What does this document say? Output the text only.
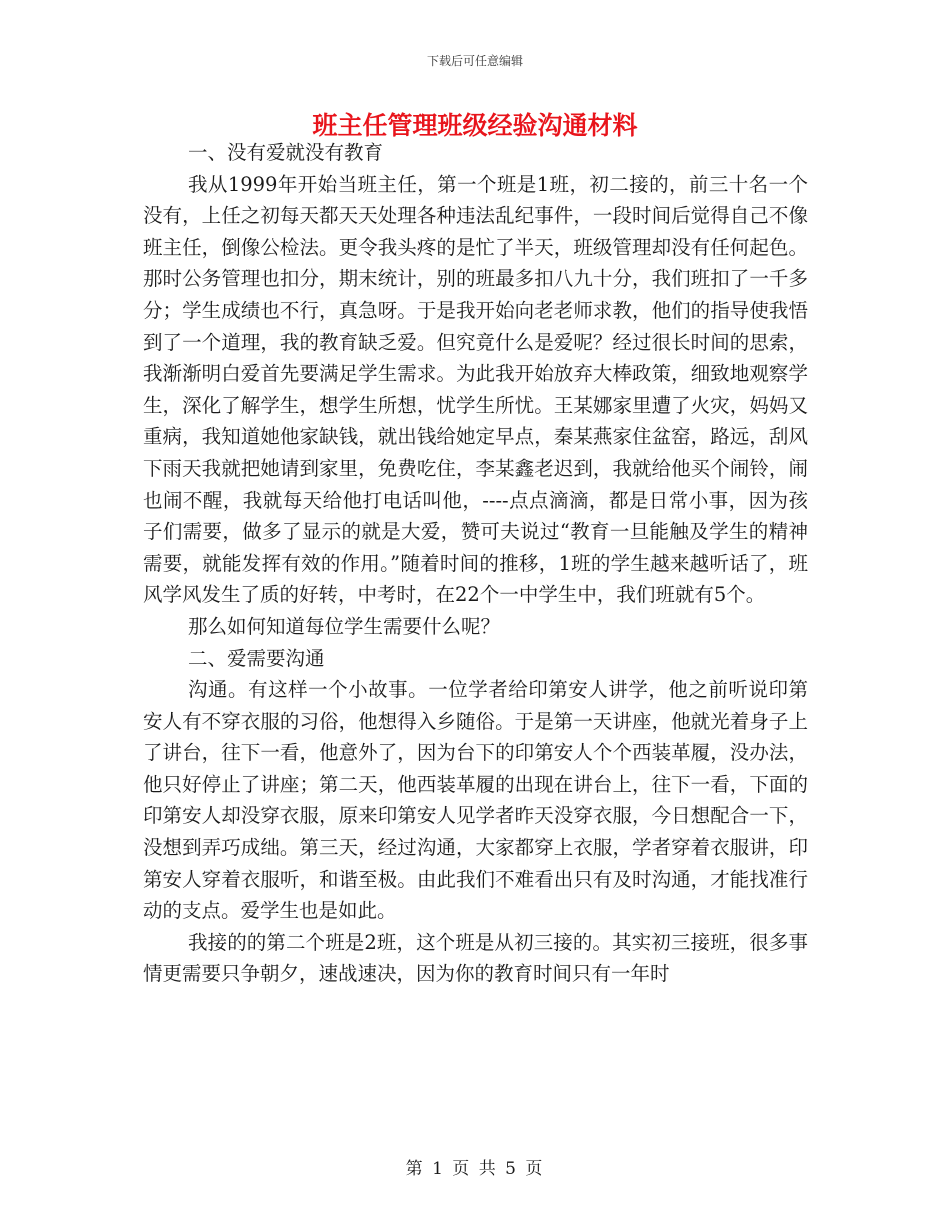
下载后可任意编辑
班主任管理班级经验沟通材料

一、没有爱就没有教育

我从1999年开始当班主任，第一个班是1班，初二接的，前三十名一个没有，上任之初每天都天天处理各种违法乱纪事件，一段时间后觉得自己不像班主任，倒像公检法。更令我头疼的是忙了半天，班级管理却没有任何起色。那时公务管理也扣分，期末统计，别的班最多扣八九十分，我们班扣了一千多分；学生成绩也不行，真急呀。于是我开始向老老师求教，他们的指导使我悟到了一个道理，我的教育缺乏爱。但究竟什么是爱呢？经过很长时间的思索，我渐渐明白爱首先要满足学生需求。为此我开始放弃大棒政策，细致地观察学生，深化了解学生，想学生所想，忧学生所忧。王某娜家里遭了火灾，妈妈又重病，我知道她他家缺钱，就出钱给她定早点，秦某燕家住盆窑，路远，刮风下雨天我就把她请到家里，免费吃住，李某鑫老迟到，我就给他买个闹铃，闹也闹不醒，我就每天给他打电话叫他，----点点滴滴，都是日常小事，因为孩子们需要，做多了显示的就是大爱，赞可夫说过“教育一旦能触及学生的精神需要，就能发挥有效的作用。”随着时间的推移，1班的学生越来越听话了，班风学风发生了质的好转，中考时，在22个一中学生中，我们班就有5个。

那么如何知道每位学生需要什么呢？

二、爱需要沟通

沟通。有这样一个小故事。一位学者给印第安人讲学，他之前听说印第安人有不穿衣服的习俗，他想得入乡随俗。于是第一天讲座，他就光着身子上了讲台，往下一看，他意外了，因为台下的印第安人个个西装革履，没办法，他只好停止了讲座；第二天，他西装革履的出现在讲台上，往下一看，下面的印第安人却没穿衣服，原来印第安人见学者昨天没穿衣服，今日想配合一下，没想到弄巧成绌。第三天，经过沟通，大家都穿上衣服，学者穿着衣服讲，印第安人穿着衣服听，和谐至极。由此我们不难看出只有及时沟通，才能找准行动的支点。爱学生也是如此。

我接的的第二个班是2班，这个班是从初三接的。其实初三接班，很多事情更需要只争朝夕，速战速决，因为你的教育时间只有一年时

第 1 页 共 5 页
